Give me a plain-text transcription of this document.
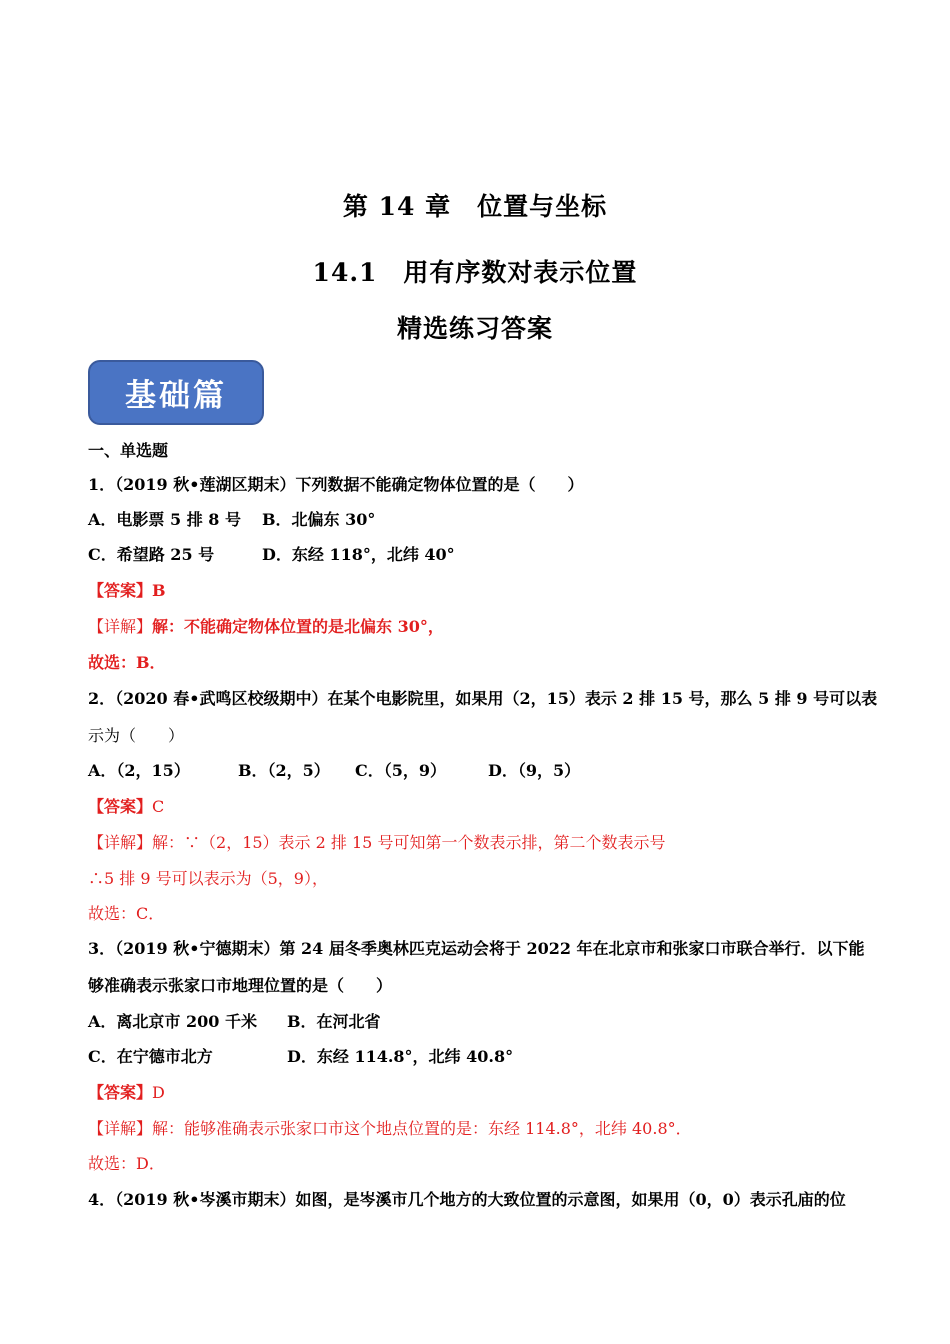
第 14 章　位置与坐标
14.1　用有序数对表示位置
精选练习答案
基础篇
一、单选题
1．（2019 秋•莲湖区期末）下列数据不能确定物体位置的是（　　）
A．电影票 5 排 8 号 B．北偏东 30°
C．希望路 25 号	D．东经 118°，北纬 40°
【答案】B
【详解】解：不能确定物体位置的是北偏东 30°，
故选：B．
2．（2020 春•武鸣区校级期中）在某个电影院里，如果用（2，15）表示 2 排 15 号，那么 5 排 9 号可以表
示为（　　）
A．（2，15）	B．（2，5） C．（5，9）	D．（9，5）
【答案】C
【详解】解：∵（2，15）表示 2 排 15 号可知第一个数表示排，第二个数表示号
∴5 排 9 号可以表示为（5，9），
故选：C．
3．（2019 秋•宁德期末）第 24 届冬季奥林匹克运动会将于 2022 年在北京市和张家口市联合举行．以下能
够准确表示张家口市地理位置的是（　　）
A．离北京市 200 千米 B．在河北省
C．在宁德市北方	D．东经 114.8°，北纬 40.8°
【答案】D
【详解】解：能够准确表示张家口市这个地点位置的是：东经 114.8°，北纬 40.8°．
故选：D．
4．（2019 秋•岑溪市期末）如图，是岑溪市几个地方的大致位置的示意图，如果用（0，0）表示孔庙的位
